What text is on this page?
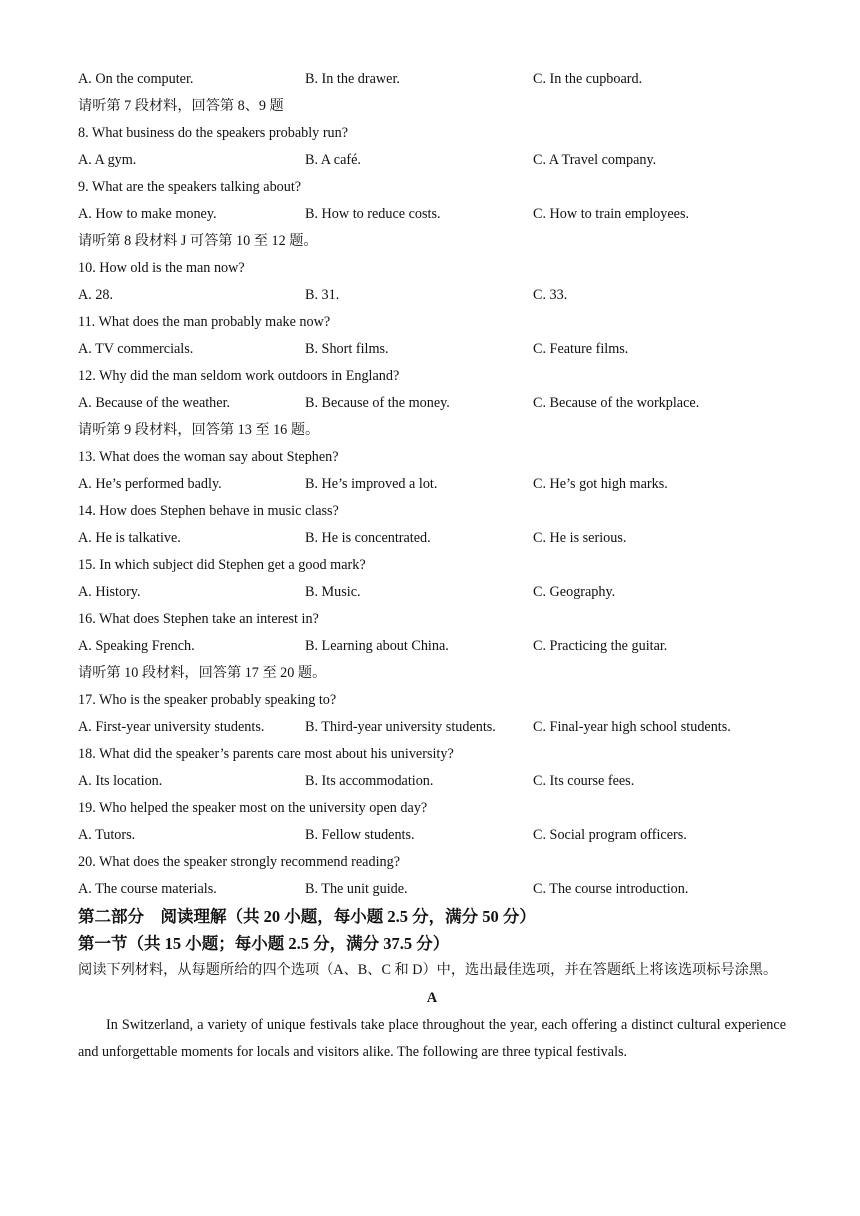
A. On the computer.	B. In the drawer.	C. In the cupboard.
请听第 7 段材料，回答第 8、9 题
8. What business do the speakers probably run?
A. A gym.	B. A café.	C. A Travel company.
9. What are the speakers talking about?
A. How to make money.	B. How to reduce costs.	C. How to train employees.
请听第 8 段材料 J 可答第 10 至 12 题。
10. How old is the man now?
A. 28.	B. 31.	C. 33.
11. What does the man probably make now?
A. TV commercials.	B. Short films.	C. Feature films.
12. Why did the man seldom work outdoors in England?
A. Because of the weather.	B. Because of the money.	C. Because of the workplace.
请听第 9 段材料，回答第 13 至 16 题。
13. What does the woman say about Stephen?
A. He’s performed badly.	B. He’s improved a lot.	C. He’s got high marks.
14. How does Stephen behave in music class?
A. He is talkative.	B. He is concentrated.	C. He is serious.
15. In which subject did Stephen get a good mark?
A. History.	B. Music.	C. Geography.
16. What does Stephen take an interest in?
A. Speaking French.	B. Learning about China.	C. Practicing the guitar.
请听第 10 段材料，回答第 17 至 20 题。
17. Who is the speaker probably speaking to?
A. First-year university students.	B. Third-year university students.	C. Final-year high school students.
18. What did the speaker’s parents care most about his university?
A. Its location.	B. Its accommodation.	C. Its course fees.
19. Who helped the speaker most on the university open day?
A. Tutors.	B. Fellow students.	C. Social program officers.
20. What does the speaker strongly recommend reading?
A. The course materials.	B. The unit guide.	C. The course introduction.
第二部分　阅读理解（共 20 小题，每小题 2.5 分，满分 50 分）
第一节（共 15 小题；每小题 2.5 分，满分 37.5 分）
阅读下列材料，从每题所给的四个选项（A、B、C 和 D）中，选出最佳选项，并在答题纸上将该选项标号涂黑。
A
In Switzerland, a variety of unique festivals take place throughout the year, each offering a distinct cultural experience and unforgettable moments for locals and visitors alike. The following are three typical festivals.
